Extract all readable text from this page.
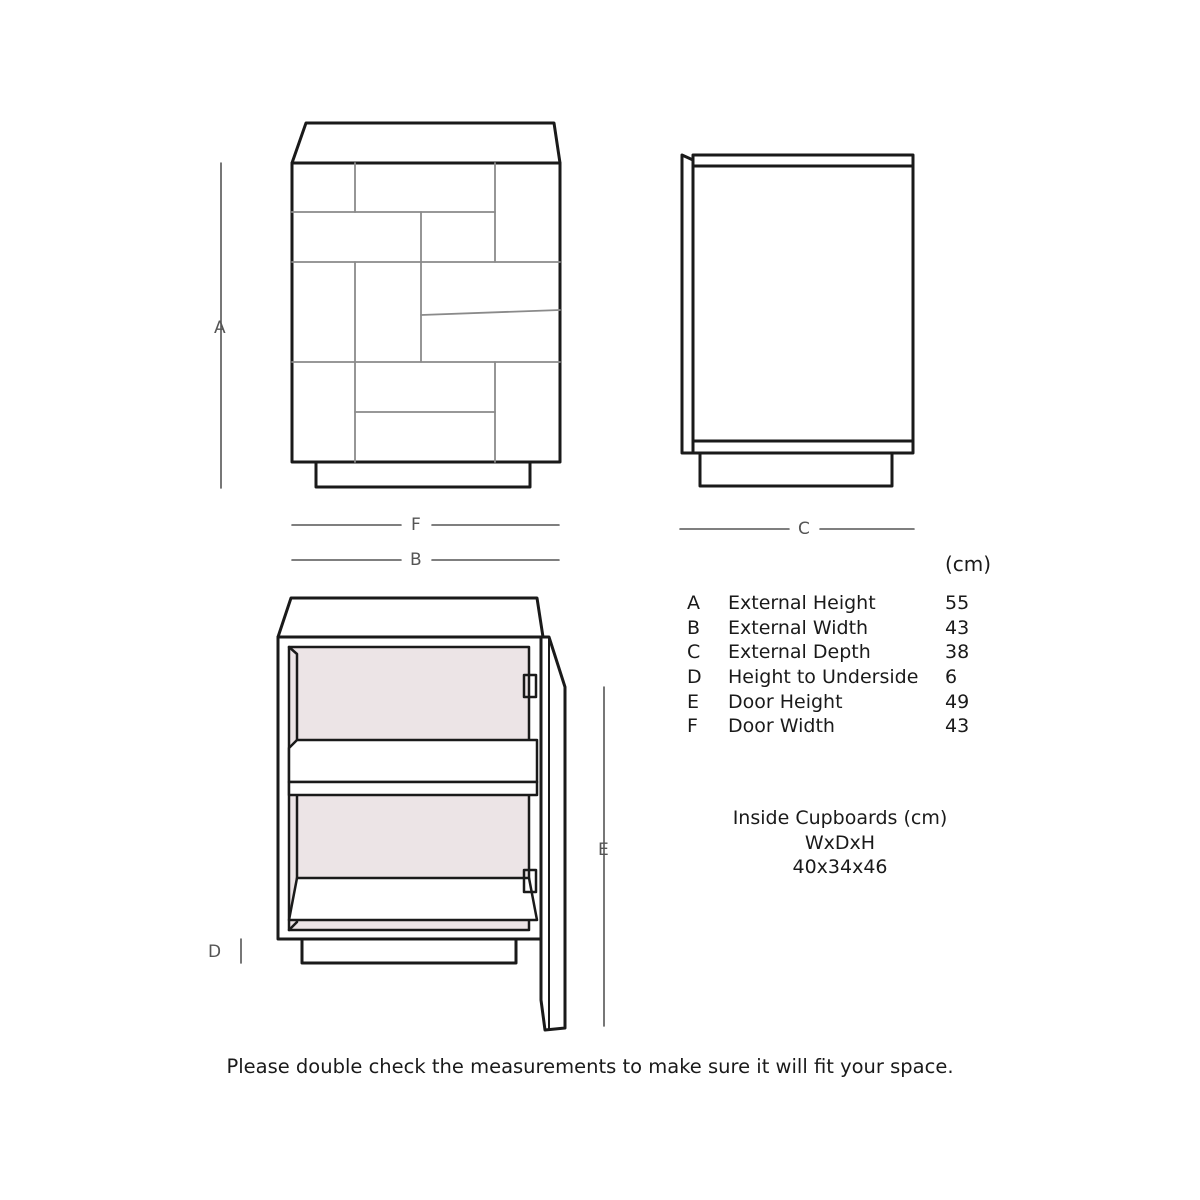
A
F
B
C
D
E
(cm)
A	External Height	55
B	External Width	43
C	External Depth	38
D	Height to Underside	6
E	Door Height	49
F	Door Width	43
Inside Cupboards (cm)
WxDxH
40x34x46
Please double check the measurements to make sure it will fit your space.
